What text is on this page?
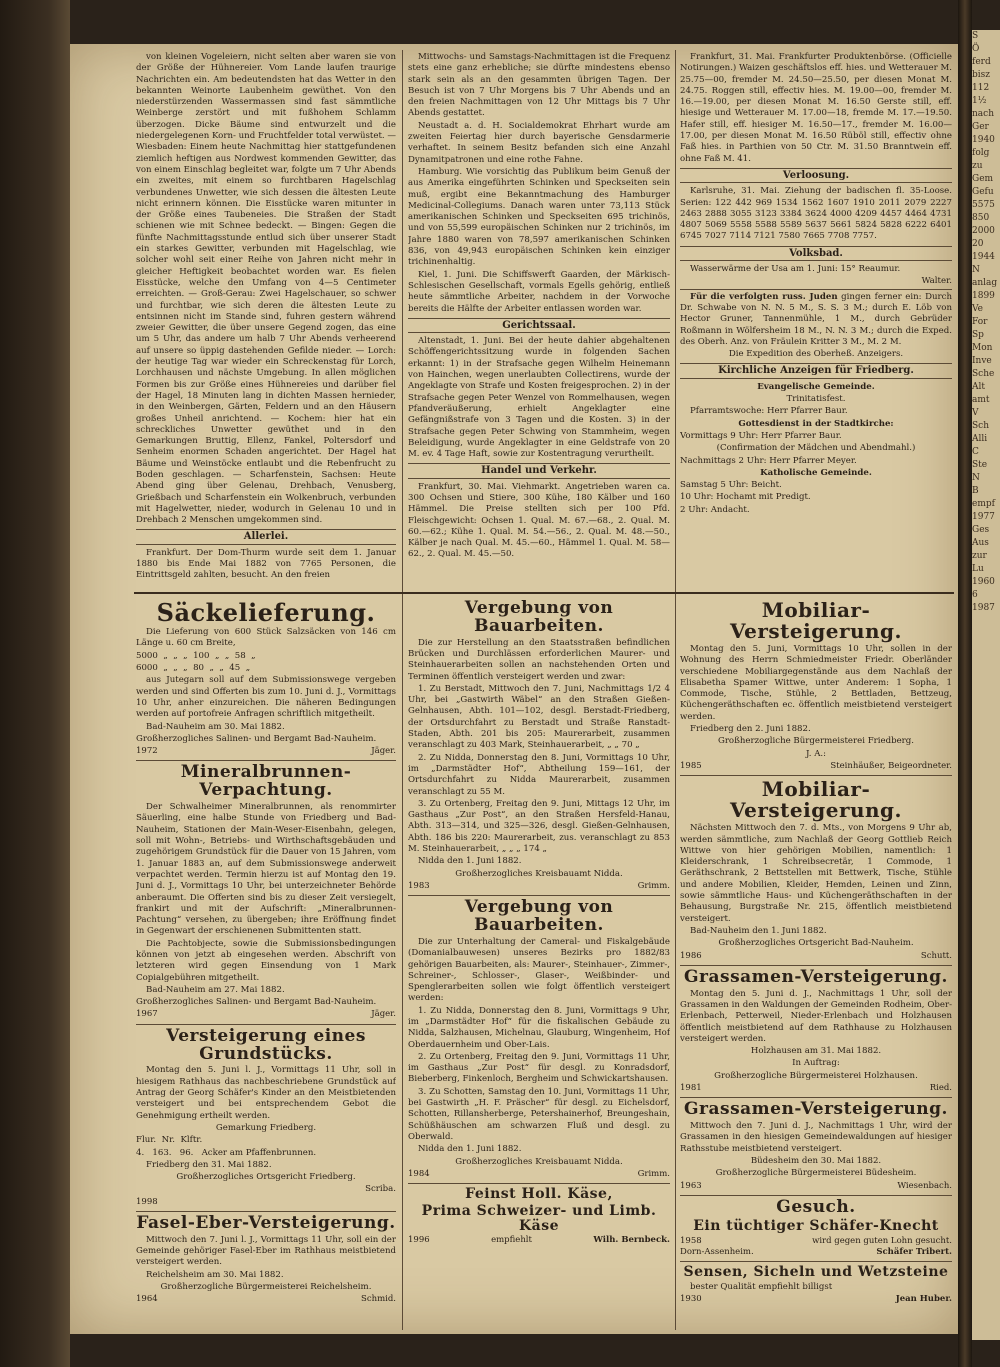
von kleinen Vogeleiern, nicht selten aber waren sie von der Größe der Hühnereier. Vom Lande laufen traurige Nachrichten ein. Am bedeutendsten hat das Wetter in den bekannten Weinorte Laubenheim gewüthet. Von den niederstürzenden Wassermassen sind fast sämmtliche Weinberge zerstört und mit fußhohem Schlamm überzogen. Dicke Bäume sind entwurzelt und die niedergelegenen Korn- und Fruchtfelder total verwüstet. — Wiesbaden: Einem heute Nachmittag hier stattgefundenen ziemlich heftigen aus Nordwest kommenden Gewitter, das von einem Einschlag begleitet war, folgte um 7 Uhr Abends ein zweites, mit einem so furchtbaren Hagelschlag verbundenes Unwetter, wie sich dessen die ältesten Leute nicht erinnern können. Die Eisstücke waren mitunter in der Größe eines Taubeneies. Die Straßen der Stadt schienen wie mit Schnee bedeckt. — Bingen: Gegen die fünfte Nachmittagsstunde entlud sich über unserer Stadt ein starkes Gewitter, verbunden mit Hagelschlag, wie solcher wohl seit einer Reihe von Jahren nicht mehr in gleicher Heftigkeit beobachtet worden war. Es fielen Eisstücke, welche den Umfang von 4—5 Centimeter erreichten. — Groß-Gerau: Zwei Hagelschauer, so schwer und furchtbar, wie sich deren die ältesten Leute zu entsinnen nicht im Stande sind, fuhren gestern während zweier Gewitter, die über unsere Gegend zogen, das eine um 5 Uhr, das andere um halb 7 Uhr Abends verheerend auf unsere so üppig dastehenden Gefilde nieder. — Lorch: der heutige Tag war wieder ein Schreckenstag für Lorch, Lorchhausen und nächste Umgebung. In allen möglichen Formen bis zur Größe eines Hühnereies und darüber fiel der Hagel, 18 Minuten lang in dichten Massen hernieder, in den Weinbergen, Gärten, Feldern und an den Häusern großes Unheil anrichtend. — Kochem: hier hat ein schreckliches Unwetter gewüthet und in den Gemarkungen Bruttig, Ellenz, Fankel, Poltersdorf und Senheim enormen Schaden angerichtet. Der Hagel hat Bäume und Weinstöcke entlaubt und die Rebenfrucht zu Boden geschlagen. — Scharfenstein, Sachsen: Heute Abend ging über Gelenau, Drehbach, Venusberg, Grießbach und Scharfenstein ein Wolkenbruch, verbunden mit Hagelwetter, nieder, wodurch in Gelenau 10 und in Drehbach 2 Menschen umgekommen sind.

Allerlei.

Frankfurt. Der Dom-Thurm wurde seit dem 1. Januar 1880 bis Ende Mai 1882 von 7765 Personen, die Eintrittsgeld zahlten, besucht. An den freien

Mittwochs- und Samstags-Nachmittagen ist die Frequenz stets eine ganz erhebliche; sie dürfte mindestens ebenso stark sein als an den gesammten übrigen Tagen. Der Besuch ist von 7 Uhr Morgens bis 7 Uhr Abends und an den freien Nachmittagen von 12 Uhr Mittags bis 7 Uhr Abends gestattet.

Neustadt a. d. H. Socialdemokrat Ehrhart wurde am zweiten Feiertag hier durch bayerische Gensdarmerie verhaftet. In seinem Besitz befanden sich eine Anzahl Dynamitpatronen und eine rothe Fahne.

Hamburg. Wie vorsichtig das Publikum beim Genuß der aus Amerika eingeführten Schinken und Speckseiten sein muß, ergibt eine Bekanntmachung des Hamburger Medicinal-Collegiums. Danach waren unter 73,113 Stück amerikanischen Schinken und Speckseiten 695 trichinös, und von 55,599 europäischen Schinken nur 2 trichinös, im Jahre 1880 waren von 78,597 amerikanischen Schinken 836, von 49,943 europäischen Schinken kein einziger trichinenhaltig.

Kiel, 1. Juni. Die Schiffswerft Gaarden, der Märkisch-Schlesischen Gesellschaft, vormals Egells gehörig, entließ heute sämmtliche Arbeiter, nachdem in der Vorwoche bereits die Hälfte der Arbeiter entlassen worden war.

Gerichtssaal.

Altenstadt, 1. Juni. Bei der heute dahier abgehaltenen Schöffengerichtssitzung wurde in folgenden Sachen erkannt: 1) in der Strafsache gegen Wilhelm Heinemann von Hainchen, wegen unerlaubten Collectirens, wurde der Angeklagte von Strafe und Kosten freigesprochen. 2) in der Strafsache gegen Peter Wenzel von Rommelhausen, wegen Pfandveräußerung, erhielt Angeklagter eine Gefängnißstrafe von 3 Tagen und die Kosten. 3) in der Strafsache gegen Peter Schwing von Stammheim, wegen Beleidigung, wurde Angeklagter in eine Geldstrafe von 20 M. ev. 4 Tage Haft, sowie zur Kostentragung verurtheilt.

Handel und Verkehr.

Frankfurt, 30. Mai. Viehmarkt. Angetrieben waren ca. 300 Ochsen und Stiere, 300 Kühe, 180 Kälber und 160 Hämmel. Die Preise stellten sich per 100 Pfd. Fleischgewicht: Ochsen 1. Qual. M. 67.—68., 2. Qual. M. 60.—62.; Kühe 1. Qual. M. 54.—56., 2. Qual. M. 48.—50., Kälber je nach Qual. M. 45.—60., Hämmel 1. Qual. M. 58—62., 2. Qual. M. 45.—50.

Frankfurt, 31. Mai. Frankfurter Produktenbörse. (Officielle Notirungen.) Waizen geschäftslos eff. hies. und Wetterauer M. 25.75—00, fremder M. 24.50—25.50, per diesen Monat M. 24.75. Roggen still, effectiv hies. M. 19.00—00, fremder M. 16.—19.00, per diesen Monat M. 16.50 Gerste still, eff. hiesige und Wetterauer M. 17.00—18, fremde M. 17.—19.50. Hafer still, eff. hiesiger M. 16.50—17., fremder M. 16.00—17.00, per diesen Monat M. 16.50 Rüböl still, effectiv ohne Faß hies. in Parthien von 50 Ctr. M. 31.50 Branntwein eff. ohne Faß M. 41.

Verloosung.

Karlsruhe, 31. Mai. Ziehung der badischen fl. 35-Loose. Serien: 122 442 969 1534 1562 1607 1910 2011 2079 2227 2463 2888 3055 3123 3384 3624 4000 4209 4457 4464 4731 4807 5069 5558 5588 5589 5637 5661 5824 5828 6222 6401 6745 7027 7114 7121 7580 7665 7708 7757.

Volksbad.

Wasserwärme der Usa am 1. Juni: 15° Reaumur.

Walter.

Für die verfolgten russ. Juden gingen ferner ein: Durch Dr. Schwabe von N. N. 5 M., S. S. 3 M.; durch E. Löb von Hector Gruner, Tannenmühle, 1 M., durch Gebrüder Roßmann in Wölfersheim 18 M., N. N. 3 M.; durch die Exped. des Oberh. Anz. von Fräulein Kritter 3 M., M. 2 M.

Die Expedition des Oberheß. Anzeigers.

Kirchliche Anzeigen für Friedberg.

Evangelische Gemeinde.

Trinitatisfest.

Pfarramtswoche: Herr Pfarrer Baur.

Gottesdienst in der Stadtkirche:

Vormittags 9 Uhr: Herr Pfarrer Baur.

(Confirmation der Mädchen und Abendmahl.)

Nachmittags 2 Uhr: Herr Pfarrer Meyer.

Katholische Gemeinde.

Samstag 5 Uhr: Beicht.

10 Uhr: Hochamt mit Predigt.

2 Uhr: Andacht.

Säckelieferung.

Die Lieferung von 600 Stück Salzsäcken von 146 cm Länge u. 60 cm Breite,

5000  „  „  „  100  „  „  58  „

6000  „  „  „  80  „  „  45  „

aus Jutegarn soll auf dem Submissionswege vergeben werden und sind Offerten bis zum 10. Juni d. J., Vormittags 10 Uhr, anher einzureichen. Die näheren Bedingungen werden auf portofreie Anfragen schriftlich mitgetheilt.

Bad-Nauheim am 30. Mai 1882.

Großherzogliches Salinen- und Bergamt Bad-Nauheim.

1972	Jäger.
Mineralbrunnen-Verpachtung.

Der Schwalheimer Mineralbrunnen, als renommirter Säuerling, eine halbe Stunde von Friedberg und Bad-Nauheim, Stationen der Main-Weser-Eisenbahn, gelegen, soll mit Wohn-, Betriebs- und Wirthschaftsgebäuden und zugehörigem Grundstück für die Dauer von 15 Jahren, vom 1. Januar 1883 an, auf dem Submissionswege anderweit verpachtet werden. Termin hierzu ist auf Montag den 19. Juni d. J., Vormittags 10 Uhr, bei unterzeichneter Behörde anberaumt. Die Offerten sind bis zu dieser Zeit versiegelt, frankirt und mit der Aufschrift: „Mineralbrunnen-Pachtung“ versehen, zu übergeben; ihre Eröffnung findet in Gegenwart der erschienenen Submittenten statt.

Die Pachtobjecte, sowie die Submissionsbedingungen können von jetzt ab eingesehen werden. Abschrift von letzteren wird gegen Einsendung von 1 Mark Copialgebühren mitgetheilt.

Bad-Nauheim am 27. Mai 1882.

Großherzogliches Salinen- und Bergamt Bad-Nauheim.

1967	Jäger.
Versteigerung eines Grundstücks.

Montag den 5. Juni l. J., Vormittags 11 Uhr, soll in hiesigem Rathhaus das nachbeschriebene Grundstück auf Antrag der Georg Schäfer's Kinder an den Meistbietenden versteigert und bei entsprechendem Gebot die Genehmigung ertheilt werden.

Gemarkung Friedberg.

Flur.  Nr.  Klftr.

4.   163.   96.   Acker am Pfaffenbrunnen.

Friedberg den 31. Mai 1882.

Großherzogliches Ortsgericht Friedberg.

Scriba.

1998
Fasel-Eber-Versteigerung.

Mittwoch den 7. Juni l. J., Vormittags 11 Uhr, soll ein der Gemeinde gehöriger Fasel-Eber im Rathhaus meistbietend versteigert werden.

Reichelsheim am 30. Mai 1882.

Großherzogliche Bürgermeisterei Reichelsheim.

1964	Schmid.
Vergebung von Bauarbeiten.

Die zur Herstellung an den Staatsstraßen befindlichen Brücken und Durchlässen erforderlichen Maurer- und Steinhauerarbeiten sollen an nachstehenden Orten und Terminen öffentlich versteigert werden und zwar:

1. Zu Berstadt, Mittwoch den 7. Juni, Nachmittags 1/2 4 Uhr, bei „Gastwirth Wäbel“ an den Straßen Gießen-Gelnhausen, Abth. 101—102, desgl. Berstadt-Friedberg, der Ortsdurchfahrt zu Berstadt und Straße Ranstadt-Staden, Abth. 201 bis 205: Maurerarbeit, zusammen veranschlagt zu 403 Mark, Steinhauerarbeit, „ „ 70 „

2. Zu Nidda, Donnerstag den 8. Juni, Vormittags 10 Uhr, im „Darmstädter Hof“, Abtheilung 159—161, der Ortsdurchfahrt zu Nidda Maurerarbeit, zusammen veranschlagt zu 55 M.

3. Zu Ortenberg, Freitag den 9. Juni, Mittags 12 Uhr, im Gasthaus „Zur Post“, an den Straßen Hersfeld-Hanau, Abth. 313—314, und 325—326, desgl. Gießen-Gelnhausen, Abth. 186 bis 220: Maurerarbeit, zus. veranschlagt zu 853 M. Steinhauerarbeit, „ „ „ 174 „

Nidda den 1. Juni 1882.

Großherzogliches Kreisbauamt Nidda.

1983	Grimm.
Vergebung von Bauarbeiten.

Die zur Unterhaltung der Cameral- und Fiskalgebäude (Domanialbauwesen) unseres Bezirks pro 1882/83 gehörigen Bauarbeiten, als: Maurer-, Steinhauer-, Zimmer-, Schreiner-, Schlosser-, Glaser-, Weißbinder- und Spenglerarbeiten sollen wie folgt öffentlich versteigert werden:

1. Zu Nidda, Donnerstag den 8. Juni, Vormittags 9 Uhr, im „Darmstädter Hof“ für die fiskalischen Gebäude zu Nidda, Salzhausen, Michelnau, Glauburg, Wingenheim, Hof Oberdauernheim und Ober-Lais.

2. Zu Ortenberg, Freitag den 9. Juni, Vormittags 11 Uhr, im Gasthaus „Zur Post“ für desgl. zu Konradsdorf, Bieberberg, Finkenloch, Bergheim und Schwickartshausen.

3. Zu Schotten, Samstag den 10. Juni, Vormittags 11 Uhr, bei Gastwirth „H. F. Präscher“ für desgl. zu Eichelsdorf, Schotten, Rillansherberge, Petershainerhof, Breungeshain, Schüßhäuschen am schwarzen Fluß und desgl. zu Oberwald.

Nidda den 1. Juni 1882.

Großherzogliches Kreisbauamt Nidda.

1984	Grimm.
Feinst Holl. Käse,
Prima Schweizer- und Limb. Käse
1996	empfiehlt	Wilh. Bernbeck.
Mobiliar-Versteigerung.

Montag den 5. Juni, Vormittags 10 Uhr, sollen in der Wohnung des Herrn Schmiedmeister Friedr. Oberländer verschiedene Mobiliargegenstände aus dem Nachlaß der Elisabetha Spamer Wittwe, unter Anderem: 1 Sopha, 1 Commode, Tische, Stühle, 2 Bettladen, Bettzeug, Küchengeräthschaften ec. öffentlich meistbietend versteigert werden.

Friedberg den 2. Juni 1882.

Großherzogliche Bürgermeisterei Friedberg.

J. A.:

1985	Steinhäußer, Beigeordneter.
Mobiliar-Versteigerung.

Nächsten Mittwoch den 7. d. Mts., von Morgens 9 Uhr ab, werden sämmtliche, zum Nachlaß der Georg Gottlieb Reich Wittwe von hier gehörigen Mobilien, namentlich: 1 Kleiderschrank, 1 Schreibsecretär, 1 Commode, 1 Geräthschrank, 2 Bettstellen mit Bettwerk, Tische, Stühle und andere Mobilien, Kleider, Hemden, Leinen und Zinn, sowie sämmtliche Haus- und Küchengeräthschaften in der Behausung, Burgstraße Nr. 215, öffentlich meistbietend versteigert.

Bad-Nauheim den 1. Juni 1882.

Großherzogliches Ortsgericht Bad-Nauheim.

1986	Schutt.
Grassamen-Versteigerung.

Montag den 5. Juni d. J., Nachmittags 1 Uhr, soll der Grassamen in den Waldungen der Gemeinden Rodheim, Ober-Erlenbach, Petterweil, Nieder-Erlenbach und Holzhausen öffentlich meistbietend auf dem Rathhause zu Holzhausen versteigert werden.

Holzhausen am 31. Mai 1882.

In Auftrag:

Großherzogliche Bürgermeisterei Holzhausen.

1981	Ried.
Grassamen-Versteigerung.

Mittwoch den 7. Juni d. J., Nachmittags 1 Uhr, wird der Grassamen in den hiesigen Gemeindewaldungen auf hiesiger Rathsstube meistbietend versteigert.

Büdesheim den 30. Mai 1882.

Großherzogliche Bürgermeisterei Büdesheim.

1963	Wiesenbach.
Gesuch.
Ein tüchtiger Schäfer-Knecht
1958	wird gegen guten Lohn gesucht.
Dorn-Assenheim.	Schäfer Tribert.
Sensen, Sicheln und Wetzsteine

bester Qualität empfiehlt billigst

1930	Jean Huber.
S
Ö
ferd
bisz
112
1½
nach
Ger
1940
folg
zu
Gem
Gefu
5575
850
2000
20
1944
N
anlag
1899
Ve
For
Sp
Mon
Inve
Sche
Alt
amt
V
Sch
Alli
C
Ste
N
B
empf
1977
Ges
Aus
zur
Lu
1960
6
1987
